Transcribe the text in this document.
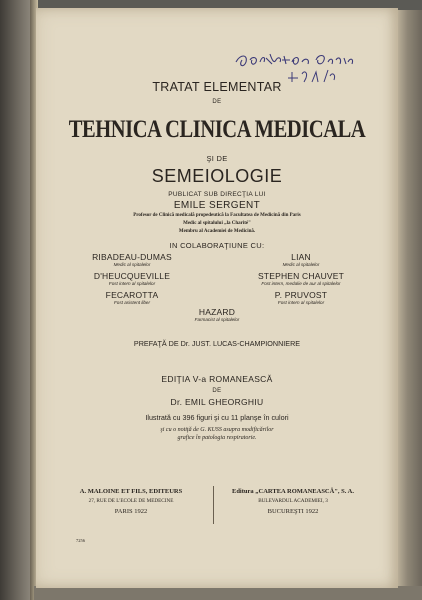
TRATAT ELEMENTAR
DE
TEHNICA CLINICA MEDICALA
ŞI DE
SEMEIOLOGIE
PUBLICAT SUB DIRECŢIA LUI
EMILE SERGENT
Profesor de Clinică medicală propedeutică la Facultatea de Medicină din Paris
Medic al spitalului „la Charité"
Membru al Academiei de Medicină.
IN COLABORAŢIUNE CU:
RIBADEAU-DUMAS
Medic al spitalelor
D'HEUCQUEVILLE
Fost intern al spitalelor
FECAROTTA
Fost asistent liber
LIAN
Medic al spitalelor
STEPHEN CHAUVET
Fost intern, medalie de aur al spitalelor
P. PRUVOST
Fost intern al spitalelor
HAZARD
Farmacist al spitalelor
PREFAŢĂ DE Dr. JUST. LUCAS-CHAMPIONNIERE
EDIŢIA V-a ROMANEASCĂ
DE
Dr. EMIL GHEORGHIU
Ilustrată cu 396 figuri şi cu 11 planşe în culori
şi cu o notiţă de G. KUSS asupra modificărilor
grafice în patologia respiratorie.
A. MALOINE ET FILS, EDITEURS
27, RUE DE L'ECOLE DE MEDECINE
PARIS 1922
Editura „CARTEA ROMANEASCĂ", S. A.
BULEVARDUL ACADEMIEI, 3
BUCUREŞTI 1922
7256
